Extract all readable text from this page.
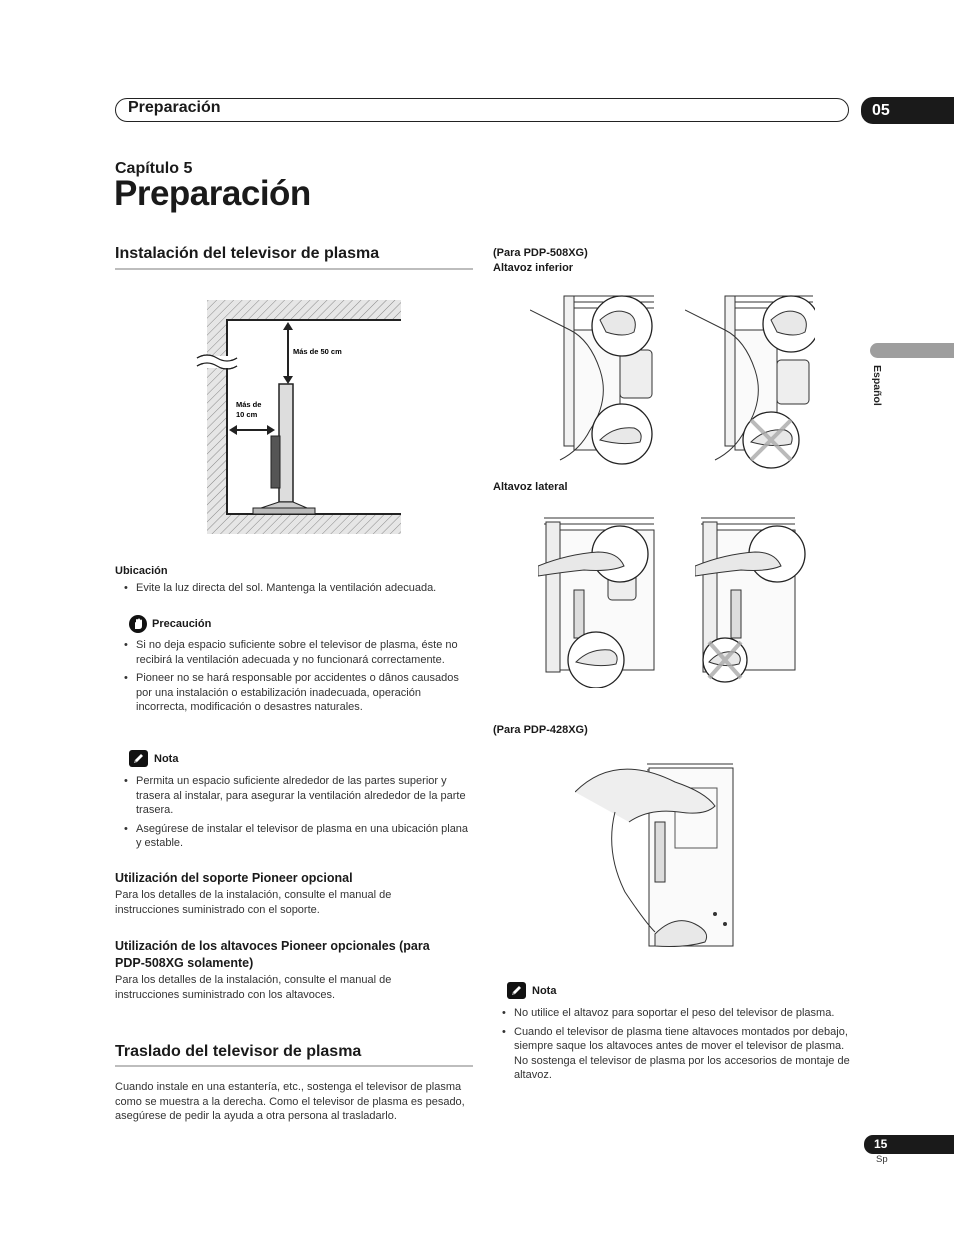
Preparación	05
Capítulo 5
Preparación
Español
Instalación del televisor de plasma
Más de 50 cm
Más de
10 cm
Ubicación
• Evite la luz directa del sol. Mantenga la ventilación adecuada.
Precaución
• Si no deja espacio suficiente sobre el televisor de plasma, éste no recibirá la ventilación adecuada y no funcionará correctamente.
• Pioneer no se hará responsable por accidentes o dânos causados por una instalación o estabilización inadecuada, operación incorrecta, modificación o desastres naturales.
Nota
• Permita un espacio suficiente alrededor de las partes superior y trasera al instalar, para asegurar la ventilación alrededor de la parte trasera.
• Asegúrese de instalar el televisor de plasma en una ubicación plana y estable.
Utilización del soporte Pioneer opcional
Para los detalles de la instalación, consulte el manual de instrucciones suministrado con el soporte.
Utilización de los altavoces Pioneer opcionales (para
PDP-508XG solamente)
Para los detalles de la instalación, consulte el manual de instrucciones suministrado con los altavoces.
Traslado del televisor de plasma
Cuando instale en una estantería, etc., sostenga el televisor de plasma como se muestra a la derecha. Como el televisor de plasma es pesado, asegúrese de pedir la ayuda a otra persona al trasladarlo.
(Para PDP-508XG)
Altavoz inferior
Altavoz lateral
(Para PDP-428XG)
Nota
• No utilice el altavoz para soportar el peso del televisor de plasma.
• Cuando el televisor de plasma tiene altavoces montados por debajo, siempre saque los altavoces antes de mover el televisor de plasma. No sostenga el televisor de plasma por los accesorios de montaje de altavoz.
15
Sp
